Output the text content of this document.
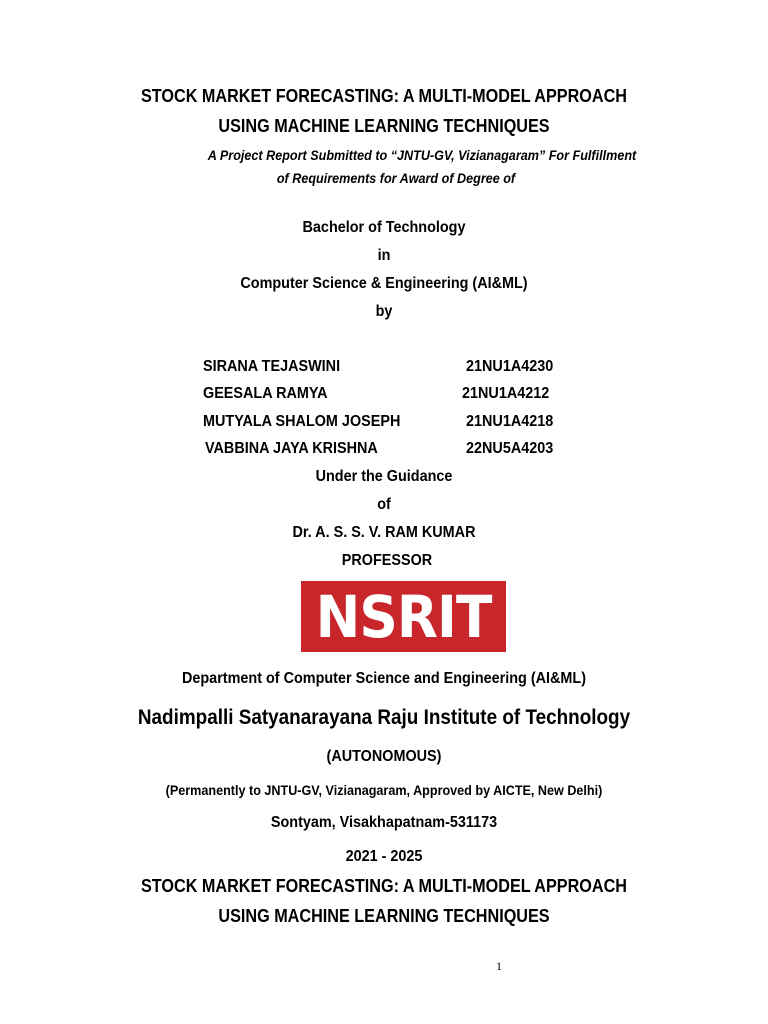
STOCK MARKET FORECASTING: A MULTI-MODEL APPROACH
USING MACHINE LEARNING TECHNIQUES
A Project Report Submitted to “JNTU-GV, Vizianagaram” For Fulfillment
of Requirements for Award of Degree of
Bachelor of Technology
in
Computer Science & Engineering (AI&ML)
by
SIRANA TEJASWINI	21NU1A4230
GEESALA RAMYA	21NU1A4212
MUTYALA SHALOM JOSEPH	21NU1A4218
VABBINA JAYA KRISHNA	22NU5A4203
Under the Guidance
of
Dr. A. S. S. V. RAM KUMAR
PROFESSOR
NSRIT
Department of Computer Science and Engineering (AI&ML)
Nadimpalli Satyanarayana Raju Institute of Technology
(AUTONOMOUS)
(Permanently to JNTU-GV, Vizianagaram, Approved by AICTE, New Delhi)
Sontyam, Visakhapatnam-531173
2021 - 2025
STOCK MARKET FORECASTING: A MULTI-MODEL APPROACH
USING MACHINE LEARNING TECHNIQUES
1
